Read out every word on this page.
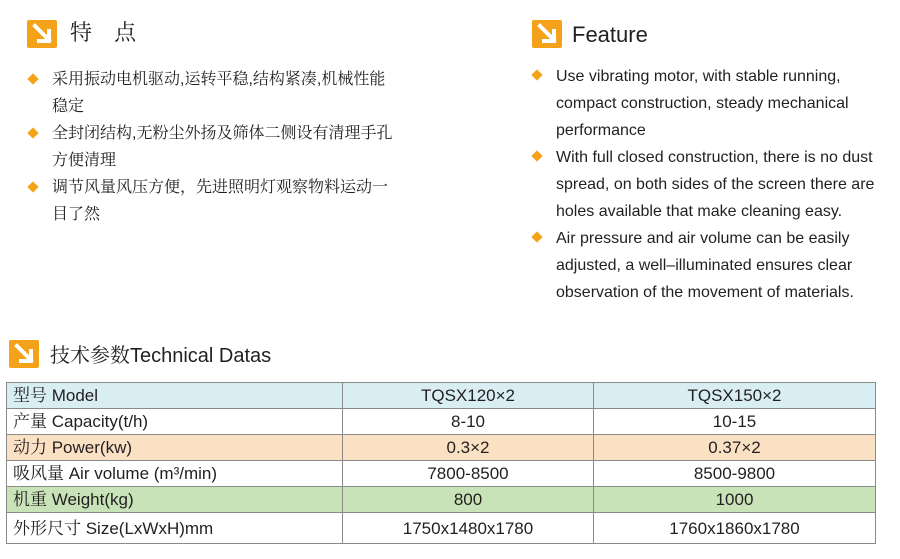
特 点
采用振动电机驱动,运转平稳,结构紧凑,机械性能稳定
全封闭结构,无粉尘外扬及筛体二侧设有清理手孔方便清理
调节风量风压方便，先进照明灯观察物料运动一目了然
Feature
Use vibrating motor, with stable running, compact construction, steady mechanical performance
With full closed construction, there is no dust spread, on both sides of the screen there are holes available that make cleaning easy.
Air pressure and air volume can be easily adjusted, a well–illuminated ensures clear observation of the movement of materials.
技术参数Technical Datas
型号 Model	TQSX120×2	TQSX150×2
产量 Capacity(t/h)	8-10	10-15
动力 Power(kw)	0.3×2	0.37×2
吸风量 Air volume (m³/min)	7800-8500	8500-9800
机重 Weight(kg)	800	1000
外形尺寸 Size(LxWxH)mm	1750x1480x1780	1760x1860x1780
